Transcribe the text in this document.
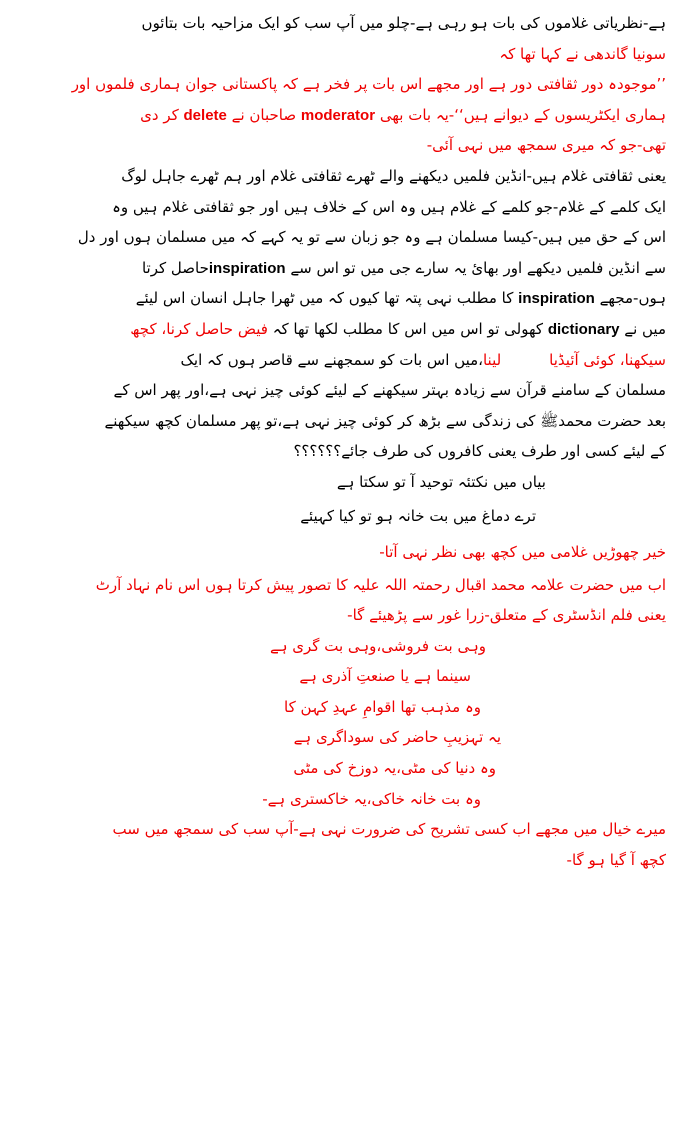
ہے-نظریاتی غلاموں کی بات ہو رہی ہے-چلو میں آپ سب کو ایک مزاحیہ بات بتائوں
سونیا گاندھی نے کہا تھا کہ
’’موجودہ دور ثقافتی دور ہے اور مجھے اس بات پر فخر ہے کہ پاکستانی جوان ہماری فلموں اور
ہماری ایکٹریسوں کے دیوانے ہیں‘‘-یہ بات بھی moderator صاحبان نے delete کر دی
تھی-جو کہ میری سمجھ میں نہی آئی-
یعنی ثقافتی غلام ہیں-انڈین فلمیں دیکھنے والے ٹھرے ثقافتی غلام اور ہم ٹھرے جاہل لوگ
ایک کلمے کے غلام-جو کلمے کے غلام ہیں وہ اس کے خلاف ہیں اور جو ثقافتی غلام ہیں وہ
اس کے حق میں ہیں-کیسا مسلمان ہے وہ جو زبان سے تو یہ کہے کہ میں مسلمان ہوں اور دل
سے انڈین فلمیں دیکھے اور بھائ یہ سارے جی میں تو اس سے inspirationحاصل کرتا
ہوں-مجھے inspiration کا مطلب نہی پتہ تھا کیوں کہ میں ٹھرا جاہل انسان اس لیئے
میں نے dictionary کھولی تو اس میں اس کا مطلب لکھا تھا کہ فیض حاصل کرنا، کچھ
سیکھنا، کوئی آئیڈیالینا،میں اس بات کو سمجھنے سے قاصر ہوں کہ ایک
مسلمان کے سامنے قرآن سے زیادہ بہتر سیکھنے کے لیئے کوئی چیز نہی ہے،اور پھر اس کے
بعد حضرت محمدﷺ کی زندگی سے بڑھ کر کوئی چیز نہی ہے،تو پھر مسلمان کچھ سیکھنے
کے لیئے کسی اور طرف یعنی کافروں کی طرف جائے؟؟؟؟؟؟
بیاں میں نکتئہ توحید آ تو سکتا ہے
ترے دماغ میں بت خانہ ہو تو کیا کہیئے
خیر چھوڑیں غلامی میں کچھ بھی نظر نہی آتا-
اب میں حضرت علامہ محمد اقبال رحمتہ اللہ علیہ کا تصور پیش کرتا ہوں اس نام نہاد آرٹ
یعنی فلم انڈسٹری کے متعلق-زرا غور سے پڑھیئے گا-
وہی بت فروشی،وہی بت گری ہے
سینما ہے یا صنعتِ آذری ہے
وہ مذہب تھا اقوامِ عہدِ کہن کا
یہ تہزیبِ حاضر کی سوداگری ہے
وہ دنیا کی مٹی،یہ دوزخ کی مٹی
وہ بت خانہ خاکی،یہ خاکستری ہے-
میرے خیال میں مجھے اب کسی تشریح کی ضرورت نہی ہے-آپ سب کی سمجھ میں سب
کچھ آ گیا ہو گا-
